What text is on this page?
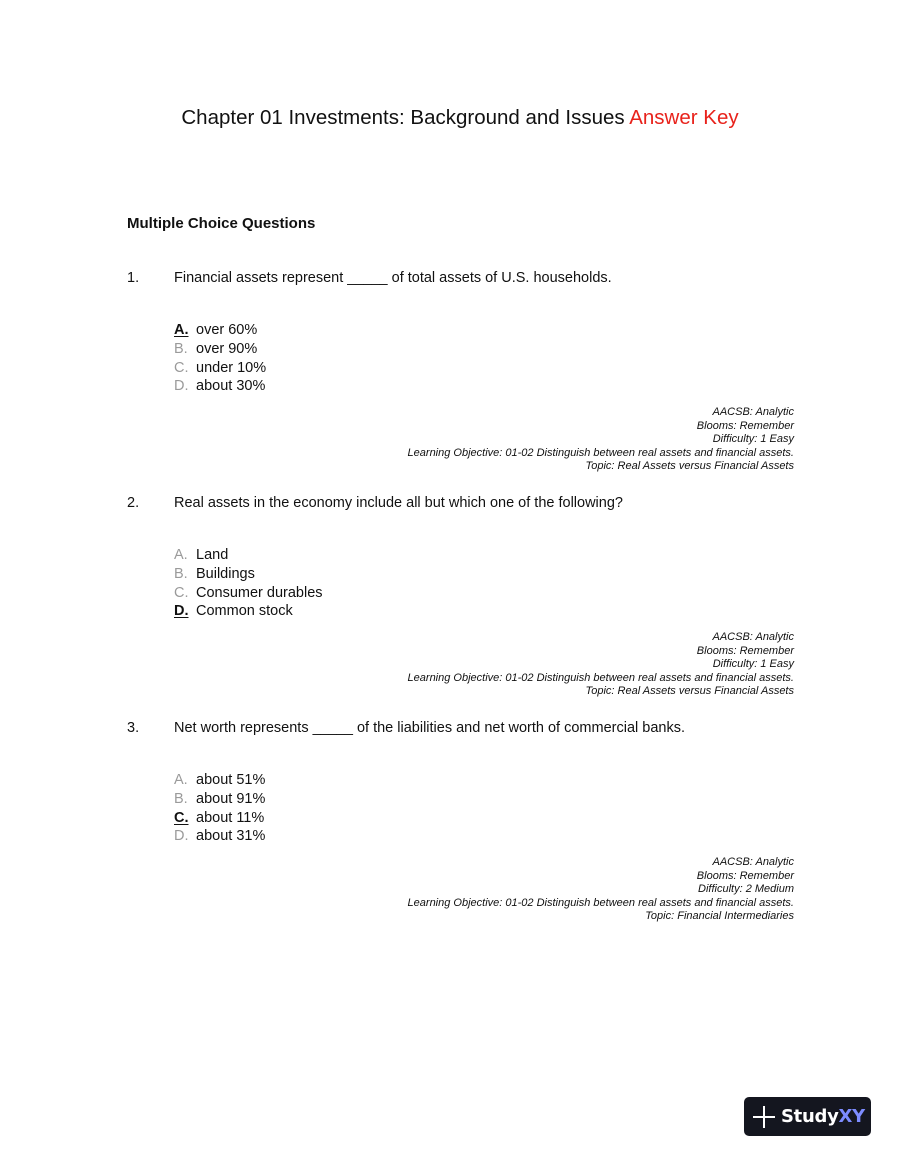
Chapter 01 Investments: Background and Issues Answer Key
Multiple Choice Questions
1. Financial assets represent _____ of total assets of U.S. households.
A. over 60%
B. over 90%
C. under 10%
D. about 30%
AACSB: Analytic
Blooms: Remember
Difficulty: 1 Easy
Learning Objective: 01-02 Distinguish between real assets and financial assets.
Topic: Real Assets versus Financial Assets
2. Real assets in the economy include all but which one of the following?
A. Land
B. Buildings
C. Consumer durables
D. Common stock
AACSB: Analytic
Blooms: Remember
Difficulty: 1 Easy
Learning Objective: 01-02 Distinguish between real assets and financial assets.
Topic: Real Assets versus Financial Assets
3. Net worth represents _____ of the liabilities and net worth of commercial banks.
A. about 51%
B. about 91%
C. about 11%
D. about 31%
AACSB: Analytic
Blooms: Remember
Difficulty: 2 Medium
Learning Objective: 01-02 Distinguish between real assets and financial assets.
Topic: Financial Intermediaries
StudyXY
